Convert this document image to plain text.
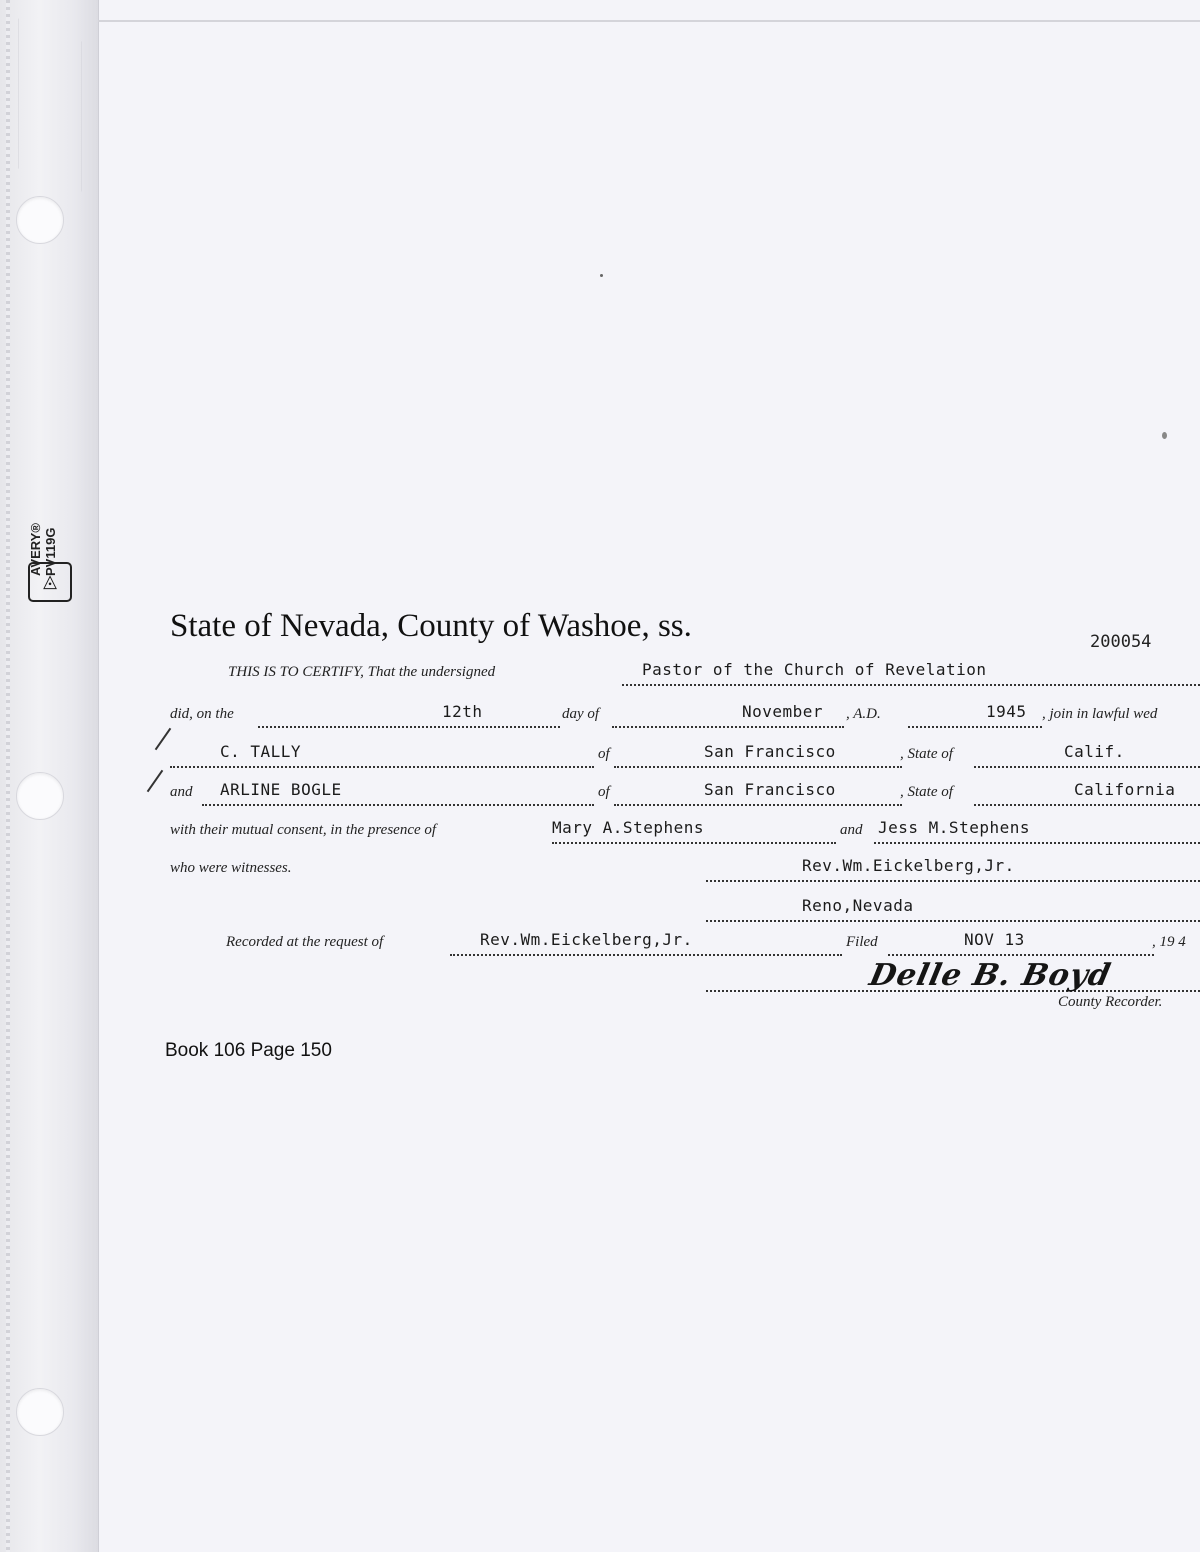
AVERY® PV119G
◬
State of Nevada, County of Washoe, ss.	200054
THIS IS TO CERTIFY, That the undersigned	Pastor of the Church of Revelation
did, on the	12th	day of	November , A.D.	1945 , join in lawful wed
C. TALLY	of	San Francisco	, State of	Calif.
and ARLINE BOGLE	of	San Francisco	, State of	California
with their mutual consent, in the presence of	Mary A.Stephens	and Jess M.Stephens
who were witnesses.	Rev.Wm.Eickelberg,Jr.
Reno,Nevada
Recorded at the request of	Rev.Wm.Eickelberg,Jr.	Filed	NOV 13	, 19 4
Delle B. Boyd
County Recorder.
Book 106 Page 150
